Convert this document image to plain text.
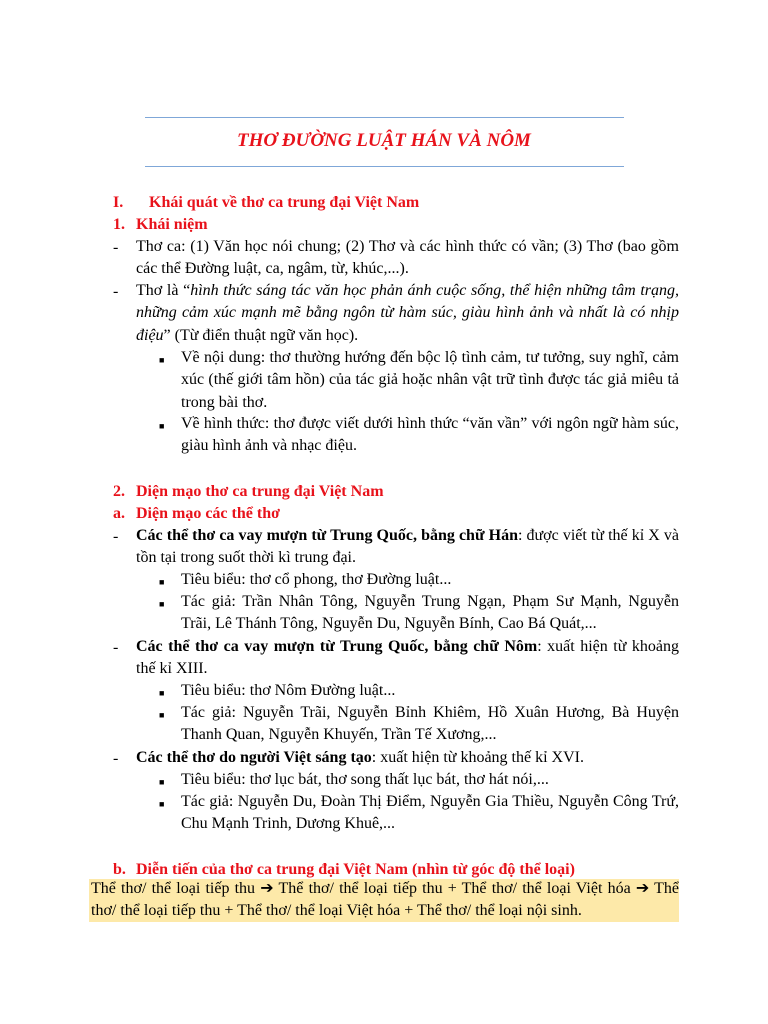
THƠ ĐƯỜNG LUẬT HÁN VÀ NÔM
I. Khái quát về thơ ca trung đại Việt Nam
1. Khái niệm
- Thơ ca: (1) Văn học nói chung; (2) Thơ và các hình thức có vần; (3) Thơ (bao gồm các thể Đường luật, ca, ngâm, từ, khúc,...).
- Thơ là “hình thức sáng tác văn học phản ánh cuộc sống, thể hiện những tâm trạng, những cảm xúc mạnh mẽ bằng ngôn từ hàm súc, giàu hình ảnh và nhất là có nhịp điệu” (Từ điển thuật ngữ văn học).
■ Về nội dung: thơ thường hướng đến bộc lộ tình cảm, tư tưởng, suy nghĩ, cảm xúc (thế giới tâm hồn) của tác giả hoặc nhân vật trữ tình được tác giả miêu tả trong bài thơ.
■ Về hình thức: thơ được viết dưới hình thức “văn vần” với ngôn ngữ hàm súc, giàu hình ảnh và nhạc điệu.
2. Diện mạo thơ ca trung đại Việt Nam
a. Diện mạo các thể thơ
- Các thể thơ ca vay mượn từ Trung Quốc, bằng chữ Hán: được viết từ thế kỉ X và tồn tại trong suốt thời kì trung đại.
■ Tiêu biểu: thơ cổ phong, thơ Đường luật...
■ Tác giả: Trần Nhân Tông, Nguyễn Trung Ngạn, Phạm Sư Mạnh, Nguyễn Trãi, Lê Thánh Tông, Nguyễn Du, Nguyễn Bính, Cao Bá Quát,...
- Các thể thơ ca vay mượn từ Trung Quốc, bằng chữ Nôm: xuất hiện từ khoảng thế kỉ XIII.
■ Tiêu biểu: thơ Nôm Đường luật...
■ Tác giả: Nguyễn Trãi, Nguyễn Bỉnh Khiêm, Hồ Xuân Hương, Bà Huyện Thanh Quan, Nguyễn Khuyến, Trần Tế Xương,...
- Các thể thơ do người Việt sáng tạo: xuất hiện từ khoảng thế kỉ XVI.
■ Tiêu biểu: thơ lục bát, thơ song thất lục bát, thơ hát nói,...
■ Tác giả: Nguyễn Du, Đoàn Thị Điểm, Nguyễn Gia Thiều, Nguyễn Công Trứ, Chu Mạnh Trinh, Dương Khuê,...
b. Diễn tiến của thơ ca trung đại Việt Nam (nhìn từ góc độ thể loại)
Thể thơ/ thể loại tiếp thu ➔ Thể thơ/ thể loại tiếp thu + Thể thơ/ thể loại Việt hóa ➔ Thể thơ/ thể loại tiếp thu + Thể thơ/ thể loại Việt hóa + Thể thơ/ thể loại nội sinh.
